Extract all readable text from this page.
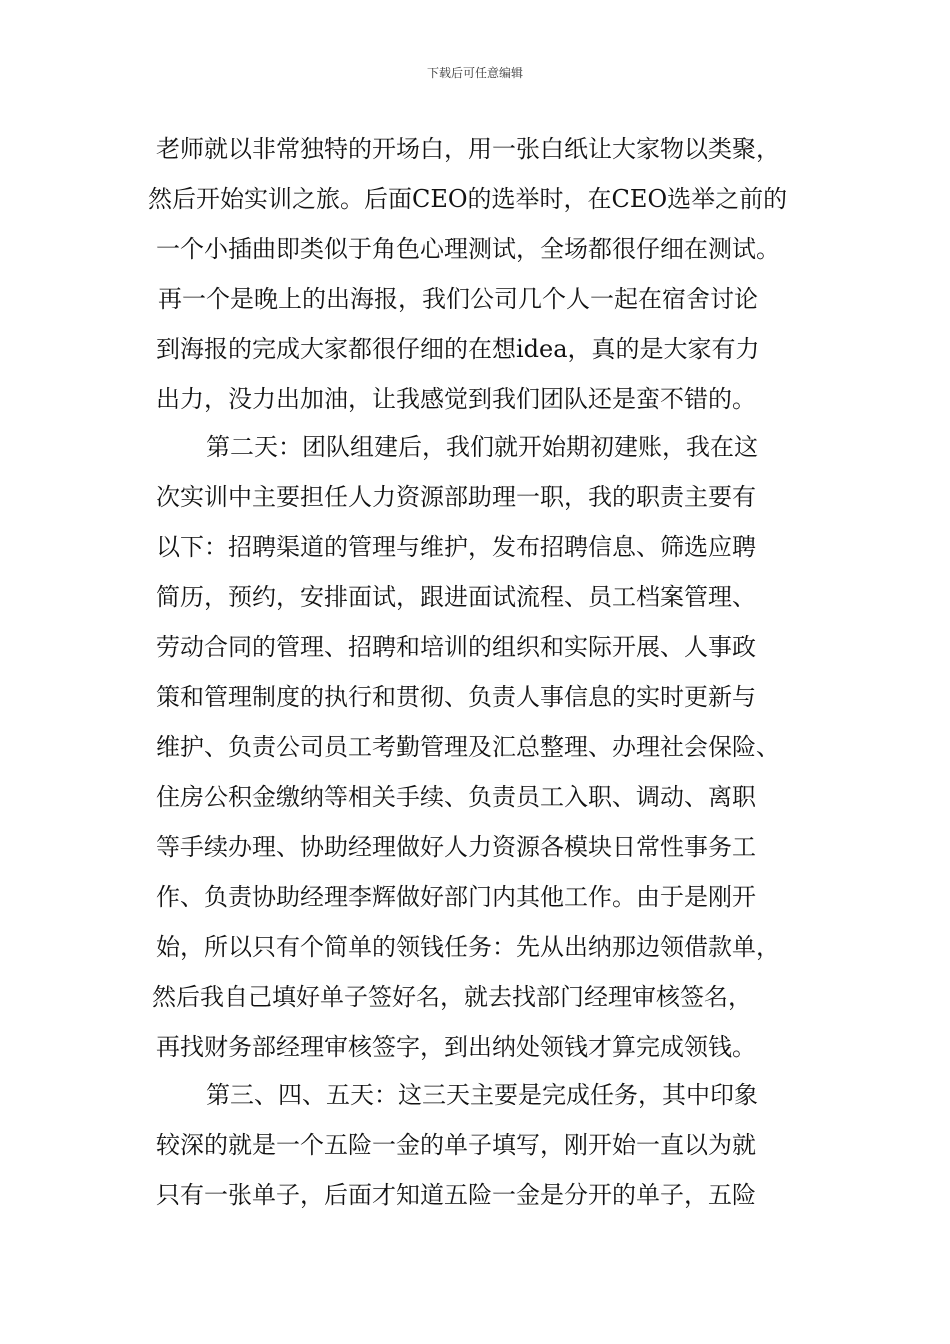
下载后可任意编辑
老师就以非常独特的开场白，用一张白纸让大家物以类聚，
然后开始实训之旅。后面CEO的选举时，在CEO选举之前的
一个小插曲即类似于角色心理测试，全场都很仔细在测试。
再一个是晚上的出海报，我们公司几个人一起在宿舍讨论
到海报的完成大家都很仔细的在想idea，真的是大家有力
出力，没力出加油，让我感觉到我们团队还是蛮不错的。
第二天：团队组建后，我们就开始期初建账，我在这
次实训中主要担任人力资源部助理一职，我的职责主要有
以下：招聘渠道的管理与维护，发布招聘信息、筛选应聘
简历，预约，安排面试，跟进面试流程、员工档案管理、
劳动合同的管理、招聘和培训的组织和实际开展、人事政
策和管理制度的执行和贯彻、负责人事信息的实时更新与
维护、负责公司员工考勤管理及汇总整理、办理社会保险、
住房公积金缴纳等相关手续、负责员工入职、调动、离职
等手续办理、协助经理做好人力资源各模块日常性事务工
作、负责协助经理李辉做好部门内其他工作。由于是刚开
始，所以只有个简单的领钱任务：先从出纳那边领借款单，
然后我自己填好单子签好名，就去找部门经理审核签名，
再找财务部经理审核签字，到出纳处领钱才算完成领钱。
第三、四、五天：这三天主要是完成任务，其中印象
较深的就是一个五险一金的单子填写，刚开始一直以为就
只有一张单子，后面才知道五险一金是分开的单子，五险
